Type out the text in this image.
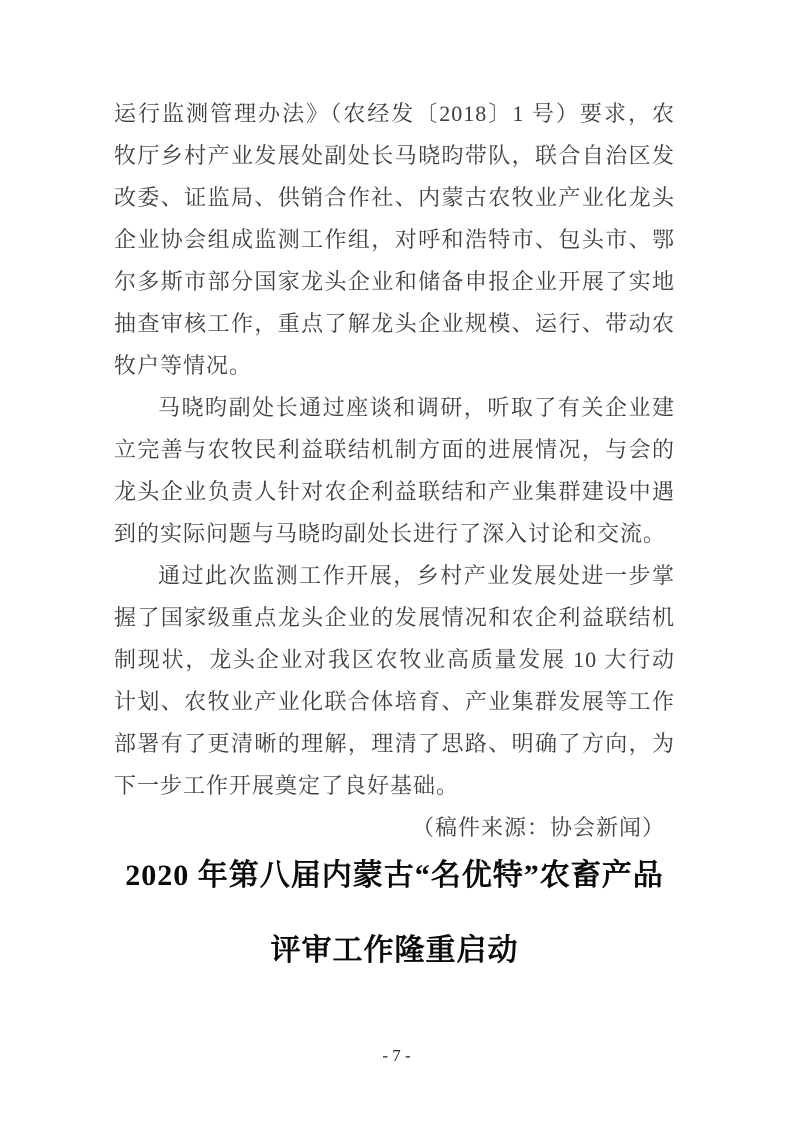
运行监测管理办法》（农经发〔2018〕1 号）要求，农牧厅乡村产业发展处副处长马晓昀带队，联合自治区发改委、证监局、供销合作社、内蒙古农牧业产业化龙头企业协会组成监测工作组，对呼和浩特市、包头市、鄂尔多斯市部分国家龙头企业和储备申报企业开展了实地抽查审核工作，重点了解龙头企业规模、运行、带动农牧户等情况。

马晓昀副处长通过座谈和调研，听取了有关企业建立完善与农牧民利益联结机制方面的进展情况，与会的龙头企业负责人针对农企利益联结和产业集群建设中遇到的实际问题与马晓昀副处长进行了深入讨论和交流。

通过此次监测工作开展，乡村产业发展处进一步掌握了国家级重点龙头企业的发展情况和农企利益联结机制现状，龙头企业对我区农牧业高质量发展 10 大行动计划、农牧业产业化联合体培育、产业集群发展等工作部署有了更清晰的理解，理清了思路、明确了方向，为下一步工作开展奠定了良好基础。

（稿件来源：协会新闻）

2020 年第八届内蒙古“名优特”农畜产品
评审工作隆重启动
- 7 -
